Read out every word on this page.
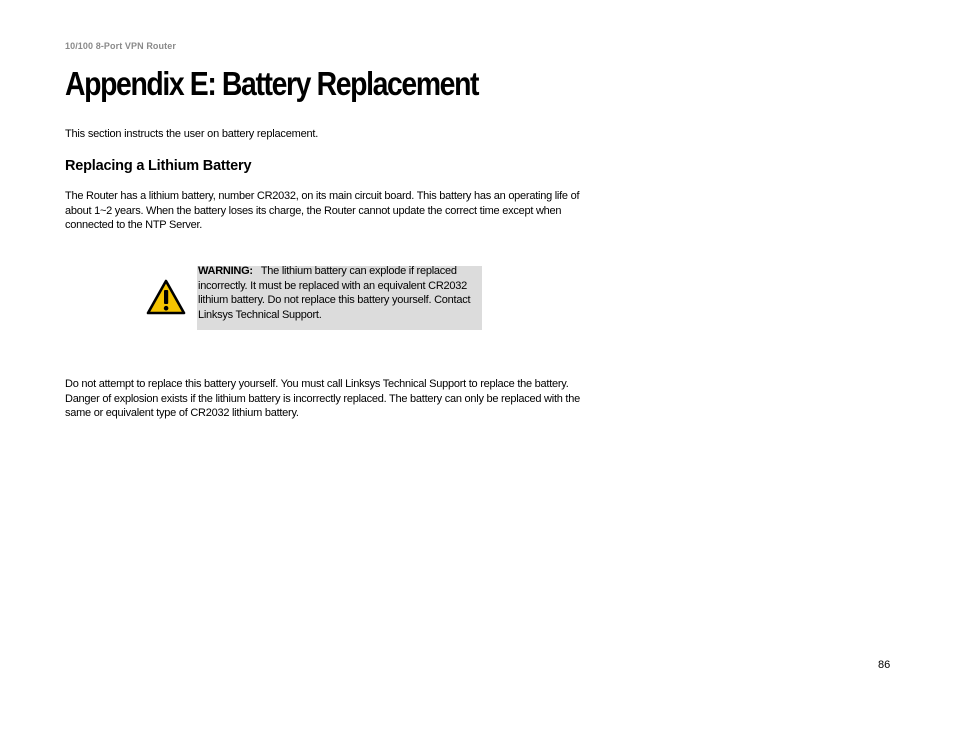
10/100 8-Port VPN Router
Appendix E: Battery Replacement
This section instructs the user on battery replacement.
Replacing a Lithium Battery

The Router has a lithium battery, number CR2032, on its main circuit board. This battery has an operating life of about 1~2 years. When the battery loses its charge, the Router cannot update the correct time except when connected to the NTP Server.

WARNING: The lithium battery can explode if replaced incorrectly. It must be replaced with an equivalent CR2032 lithium battery. Do not replace this battery yourself. Contact Linksys Technical Support.

Do not attempt to replace this battery yourself. You must call Linksys Technical Support to replace the battery. Danger of explosion exists if the lithium battery is incorrectly replaced. The battery can only be replaced with the same or equivalent type of CR2032 lithium battery.

86
